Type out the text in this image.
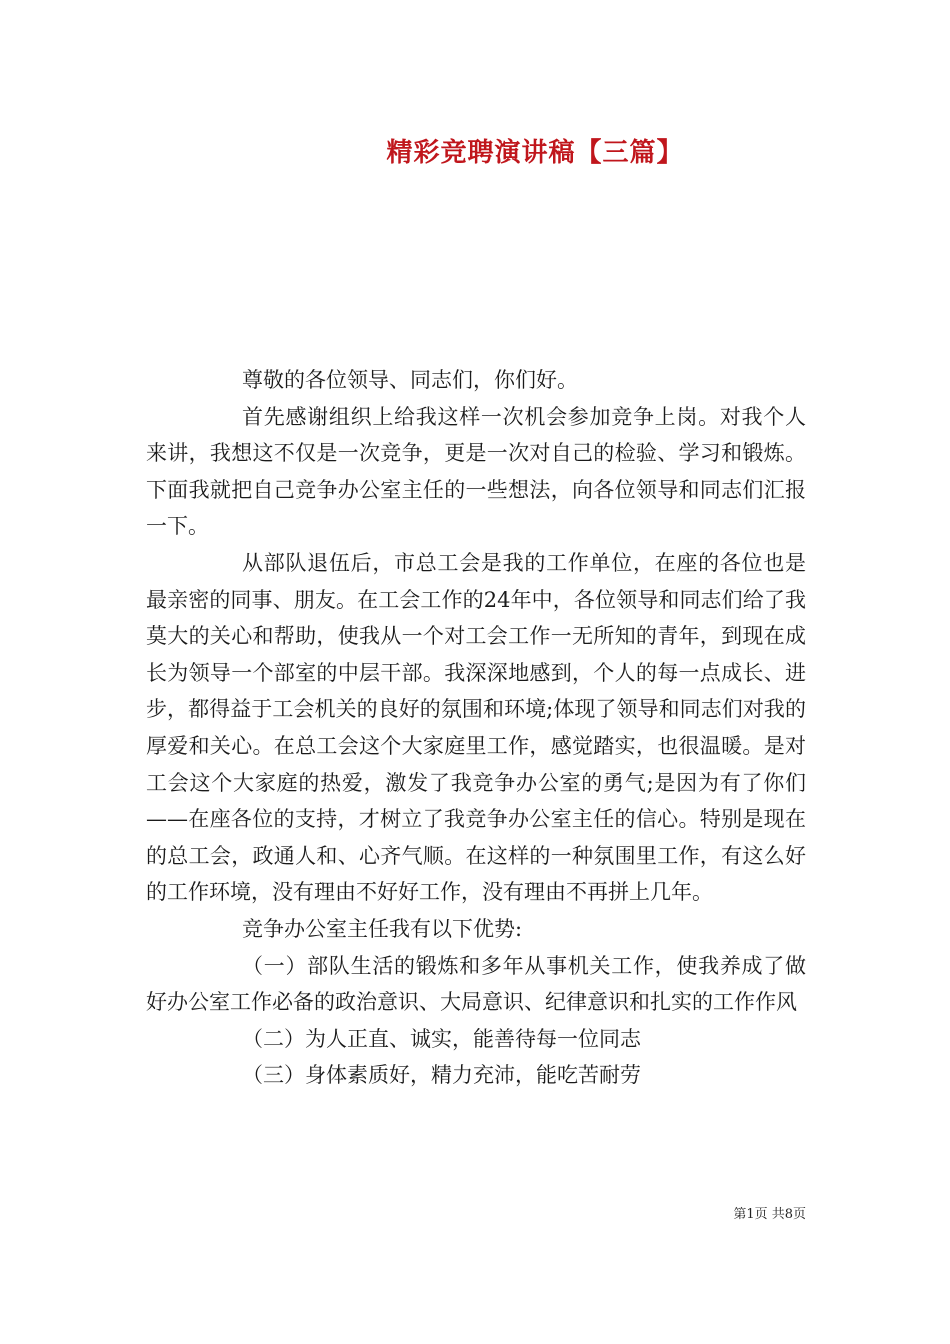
精彩竞聘演讲稿【三篇】

尊敬的各位领导、同志们，你们好。

首先感谢组织上给我这样一次机会参加竞争上岗。对我个人来讲，我想这不仅是一次竞争，更是一次对自己的检验、学习和锻炼。下面我就把自己竞争办公室主任的一些想法，向各位领导和同志们汇报一下。

从部队退伍后，市总工会是我的工作单位，在座的各位也是最亲密的同事、朋友。在工会工作的24年中，各位领导和同志们给了我莫大的关心和帮助，使我从一个对工会工作一无所知的青年，到现在成长为领导一个部室的中层干部。我深深地感到，个人的每一点成长、进步，都得益于工会机关的良好的氛围和环境;体现了领导和同志们对我的厚爱和关心。在总工会这个大家庭里工作，感觉踏实，也很温暖。是对工会这个大家庭的热爱，激发了我竞争办公室的勇气;是因为有了你们——在座各位的支持，才树立了我竞争办公室主任的信心。特别是现在的总工会，政通人和、心齐气顺。在这样的一种氛围里工作，有这么好的工作环境，没有理由不好好工作，没有理由不再拼上几年。

竞争办公室主任我有以下优势:

（一）部队生活的锻炼和多年从事机关工作，使我养成了做好办公室工作必备的政治意识、大局意识、纪律意识和扎实的工作作风

（二）为人正直、诚实，能善待每一位同志

（三）身体素质好，精力充沛，能吃苦耐劳

第1页 共8页
